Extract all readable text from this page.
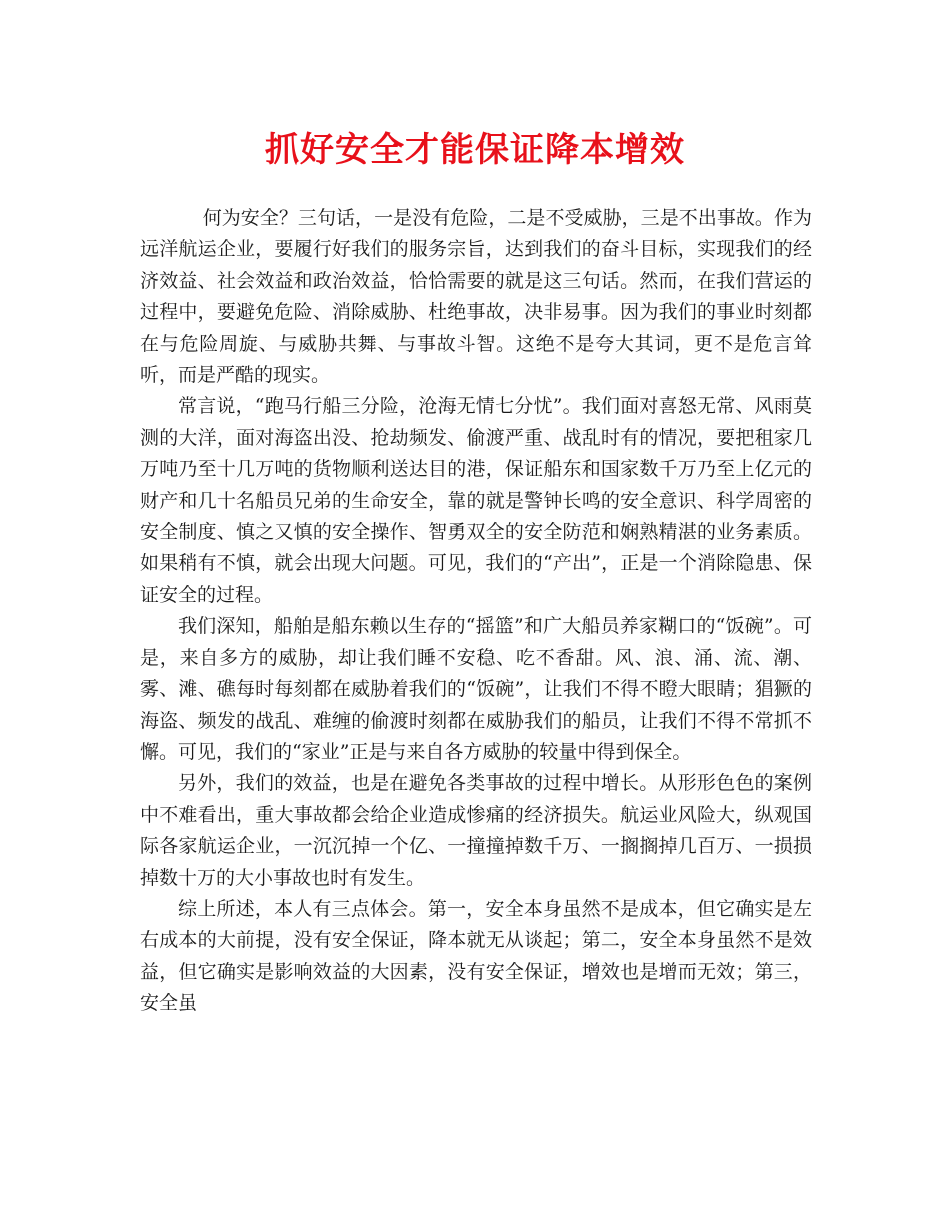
抓好安全才能保证降本增效

何为安全？三句话，一是没有危险，二是不受威胁，三是不出事故。作为远洋航运企业，要履行好我们的服务宗旨，达到我们的奋斗目标，实现我们的经济效益、社会效益和政治效益，恰恰需要的就是这三句话。然而，在我们营运的过程中，要避免危险、消除威胁、杜绝事故，决非易事。因为我们的事业时刻都在与危险周旋、与威胁共舞、与事故斗智。这绝不是夸大其词，更不是危言耸听，而是严酷的现实。

常言说，“跑马行船三分险，沧海无情七分忧”。我们面对喜怒无常、风雨莫测的大洋，面对海盗出没、抢劫频发、偷渡严重、战乱时有的情况，要把租家几万吨乃至十几万吨的货物顺利送达目的港，保证船东和国家数千万乃至上亿元的财产和几十名船员兄弟的生命安全，靠的就是警钟长鸣的安全意识、科学周密的安全制度、慎之又慎的安全操作、智勇双全的安全防范和娴熟精湛的业务素质。如果稍有不慎，就会出现大问题。可见，我们的“产出”，正是一个消除隐患、保证安全的过程。

我们深知，船舶是船东赖以生存的“摇篮”和广大船员养家糊口的“饭碗”。可是，来自多方的威胁，却让我们睡不安稳、吃不香甜。风、浪、涌、流、潮、雾、滩、礁每时每刻都在威胁着我们的“饭碗”，让我们不得不瞪大眼睛；猖獗的海盗、频发的战乱、难缠的偷渡时刻都在威胁我们的船员，让我们不得不常抓不懈。可见，我们的“家业”正是与来自各方威胁的较量中得到保全。

另外，我们的效益，也是在避免各类事故的过程中增长。从形形色色的案例中不难看出，重大事故都会给企业造成惨痛的经济损失。航运业风险大，纵观国际各家航运企业，一沉沉掉一个亿、一撞撞掉数千万、一搁搁掉几百万、一损损掉数十万的大小事故也时有发生。

综上所述，本人有三点体会。第一，安全本身虽然不是成本，但它确实是左右成本的大前提，没有安全保证，降本就无从谈起；第二，安全本身虽然不是效益，但它确实是影响效益的大因素，没有安全保证，增效也是增而无效；第三，安全虽
